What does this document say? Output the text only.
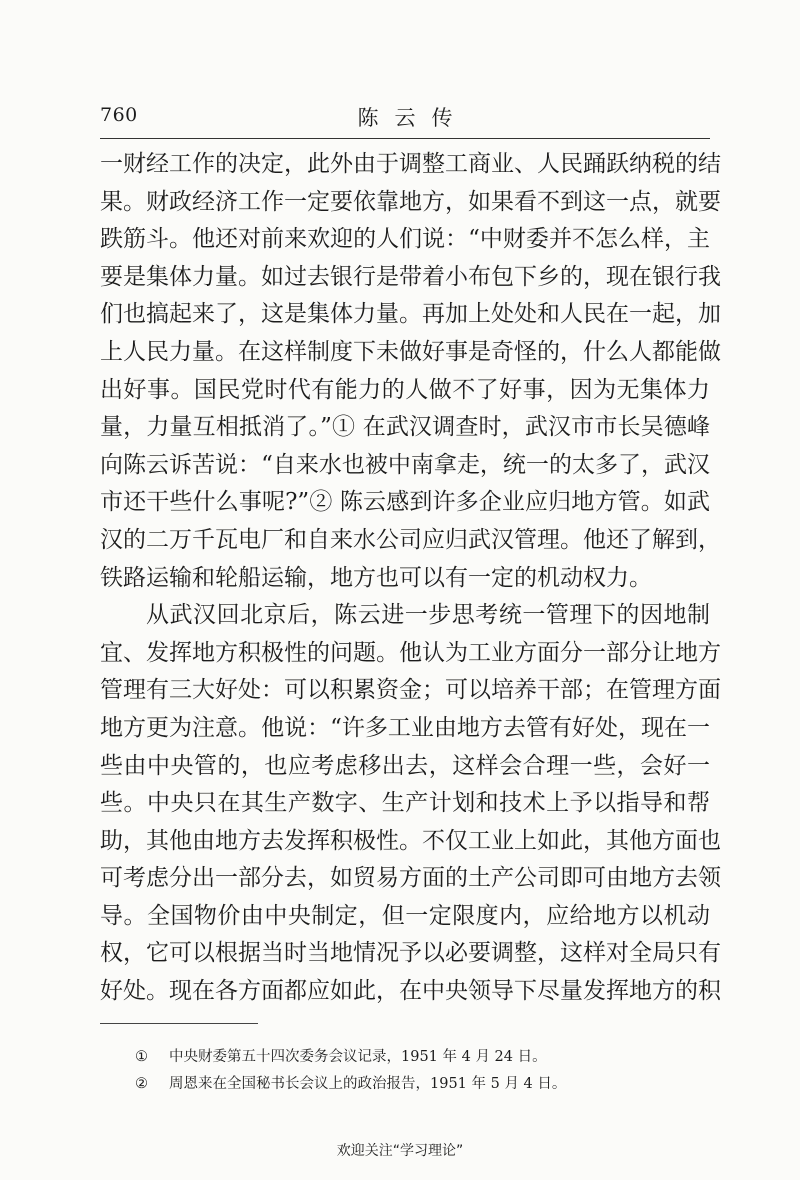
760	陈云传
一财经工作的决定，此外由于调整工商业、人民踊跃纳税的结
果。财政经济工作一定要依靠地方，如果看不到这一点，就要
跌筋斗。他还对前来欢迎的人们说：“中财委并不怎么样，主
要是集体力量。如过去银行是带着小布包下乡的，现在银行我
们也搞起来了，这是集体力量。再加上处处和人民在一起，加
上人民力量。在这样制度下未做好事是奇怪的，什么人都能做
出好事。国民党时代有能力的人做不了好事，因为无集体力
量，力量互相抵消了。”① 在武汉调查时，武汉市市长吴德峰
向陈云诉苦说：“自来水也被中南拿走，统一的太多了，武汉
市还干些什么事呢?”② 陈云感到许多企业应归地方管。如武
汉的二万千瓦电厂和自来水公司应归武汉管理。他还了解到，
铁路运输和轮船运输，地方也可以有一定的机动权力。
从武汉回北京后，陈云进一步思考统一管理下的因地制
宜、发挥地方积极性的问题。他认为工业方面分一部分让地方
管理有三大好处：可以积累资金；可以培养干部；在管理方面
地方更为注意。他说：“许多工业由地方去管有好处，现在一
些由中央管的，也应考虑移出去，这样会合理一些，会好一
些。中央只在其生产数字、生产计划和技术上予以指导和帮
助，其他由地方去发挥积极性。不仅工业上如此，其他方面也
可考虑分出一部分去，如贸易方面的土产公司即可由地方去领
导。全国物价由中央制定，但一定限度内，应给地方以机动
权，它可以根据当时当地情况予以必要调整，这样对全局只有
好处。现在各方面都应如此，在中央领导下尽量发挥地方的积
① 中央财委第五十四次委务会议记录，1951 年 4 月 24 日。
② 周恩来在全国秘书长会议上的政治报告，1951 年 5 月 4 日。
欢迎关注“学习理论”
